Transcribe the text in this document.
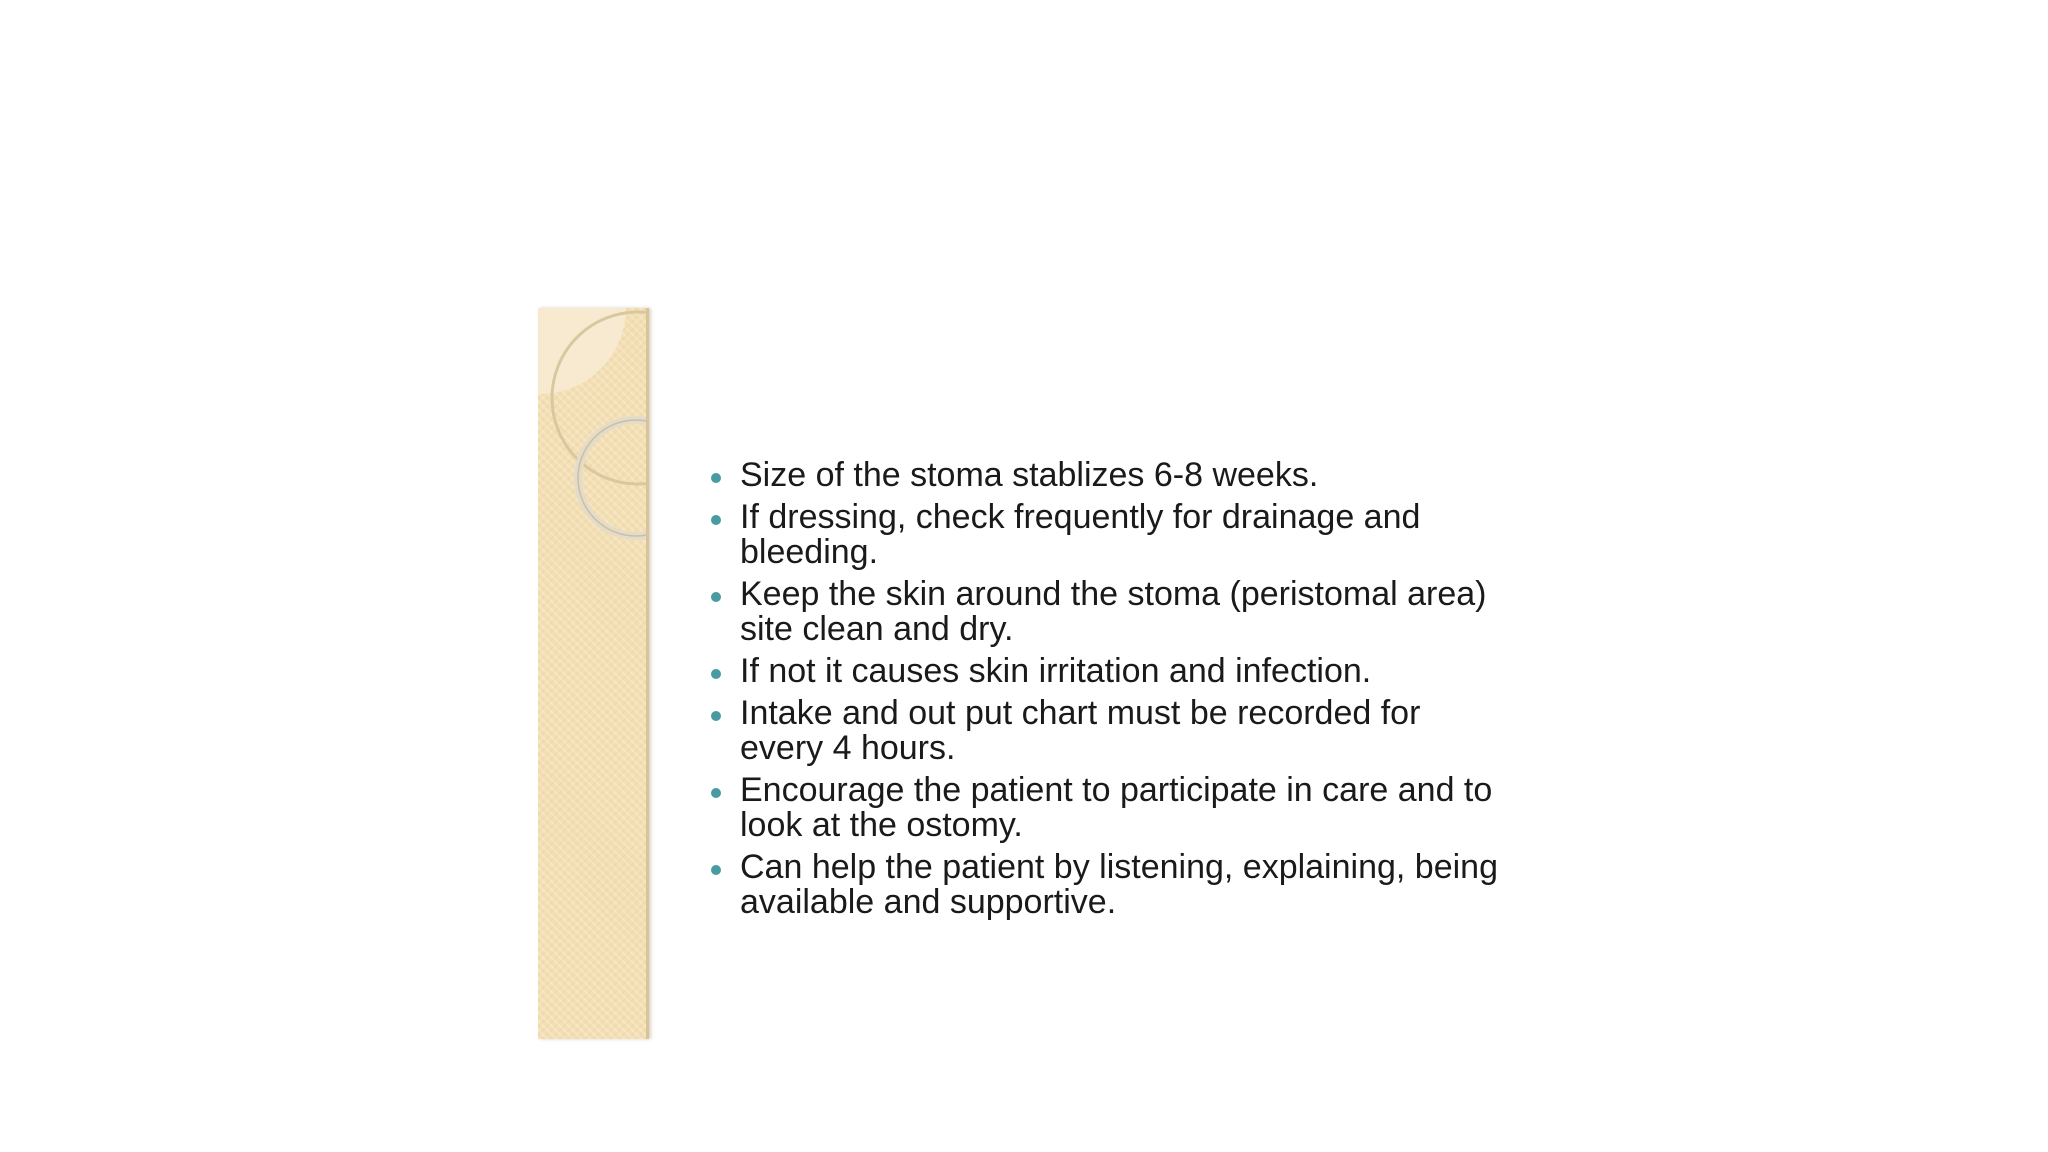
Size of the stoma stablizes 6-8 weeks.
If dressing, check frequently for drainage and bleeding.
Keep the skin around the stoma (peristomal area) site clean and dry.
If not it causes skin irritation and infection.
Intake and out put chart must be recorded for every 4 hours.
Encourage the patient to participate in care and to look at the ostomy.
Can help the patient by listening, explaining, being available and supportive.
